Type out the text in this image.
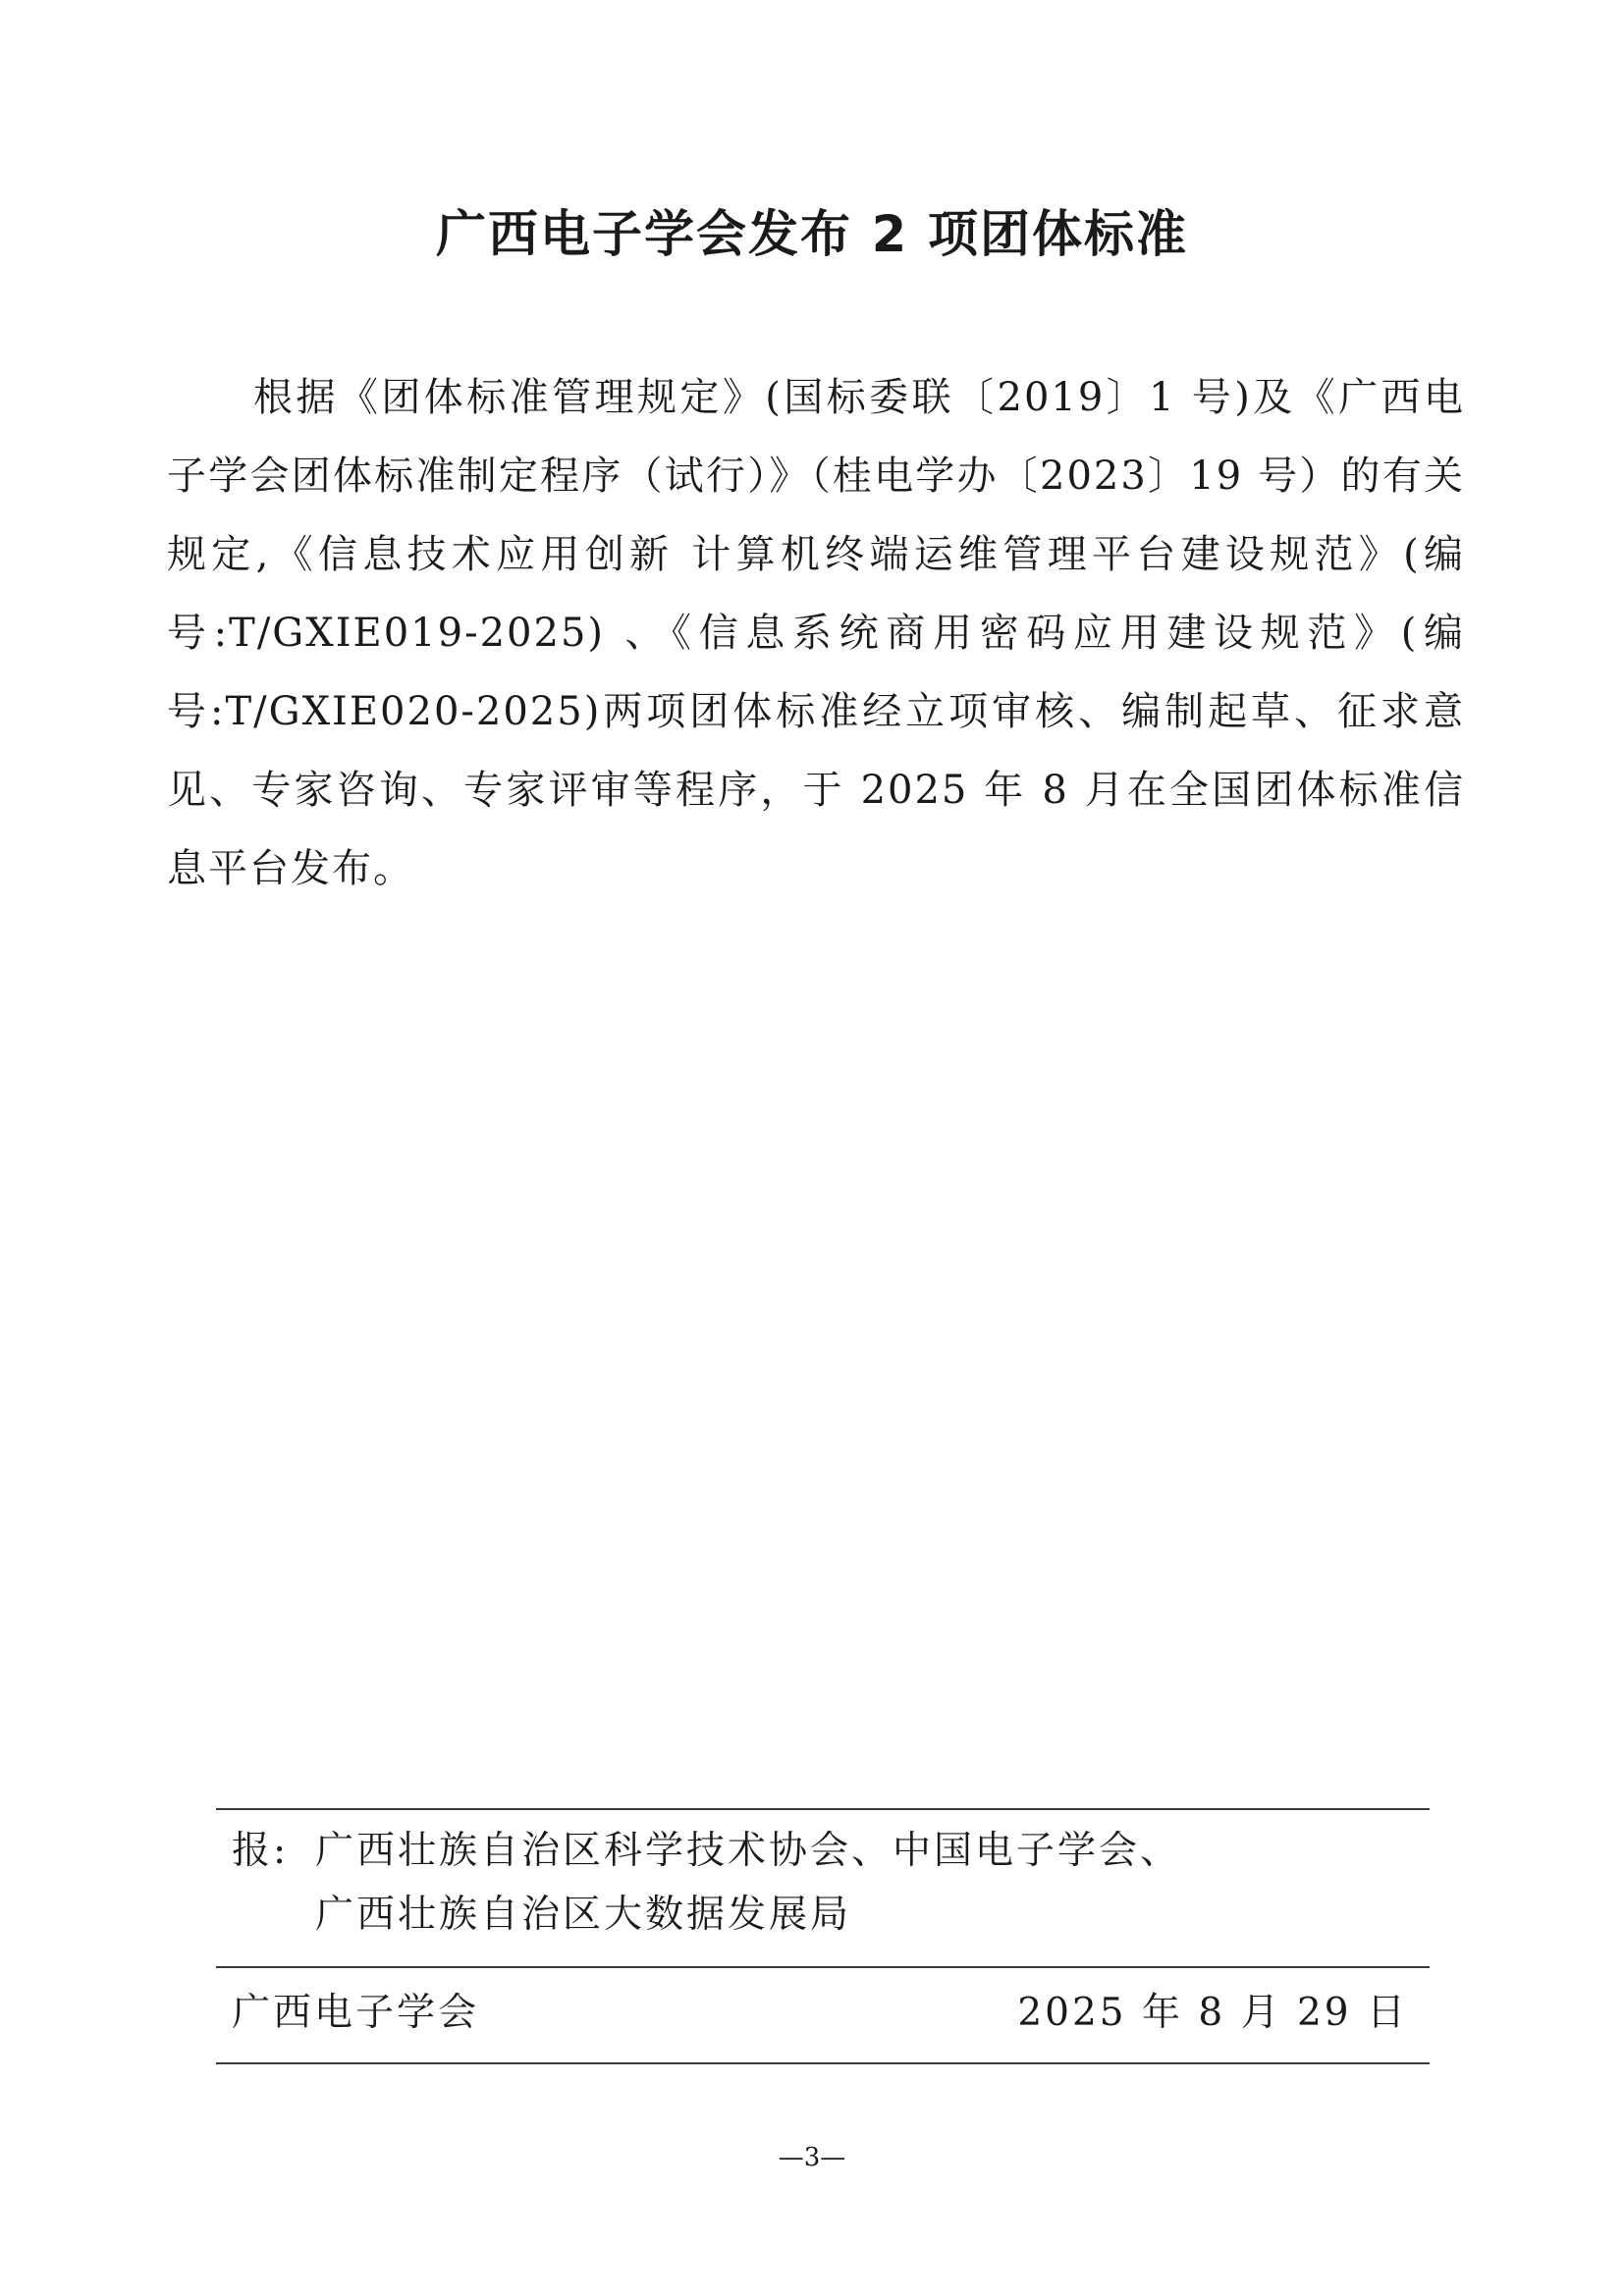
广西电子学会发布 2 项团体标准

根据《团体标准管理规定》(国标委联〔2019〕1 号)及《广西电子学会团体标准制定程序（试行）》（桂电学办〔2023〕19 号）的有关规定,《信息技术应用创新 计算机终端运维管理平台建设规范》(编号:T/GXIE019-2025) 、《信息系统商用密码应用建设规范》(编号:T/GXIE020-2025)两项团体标准经立项审核、编制起草、征求意见、专家咨询、专家评审等程序，于 2025 年 8 月在全国团体标准信息平台发布。

报: 广西壮族自治区科学技术协会、中国电子学会、
广西壮族自治区大数据发展局
广西电子学会	2025 年 8 月 29 日
—3—
